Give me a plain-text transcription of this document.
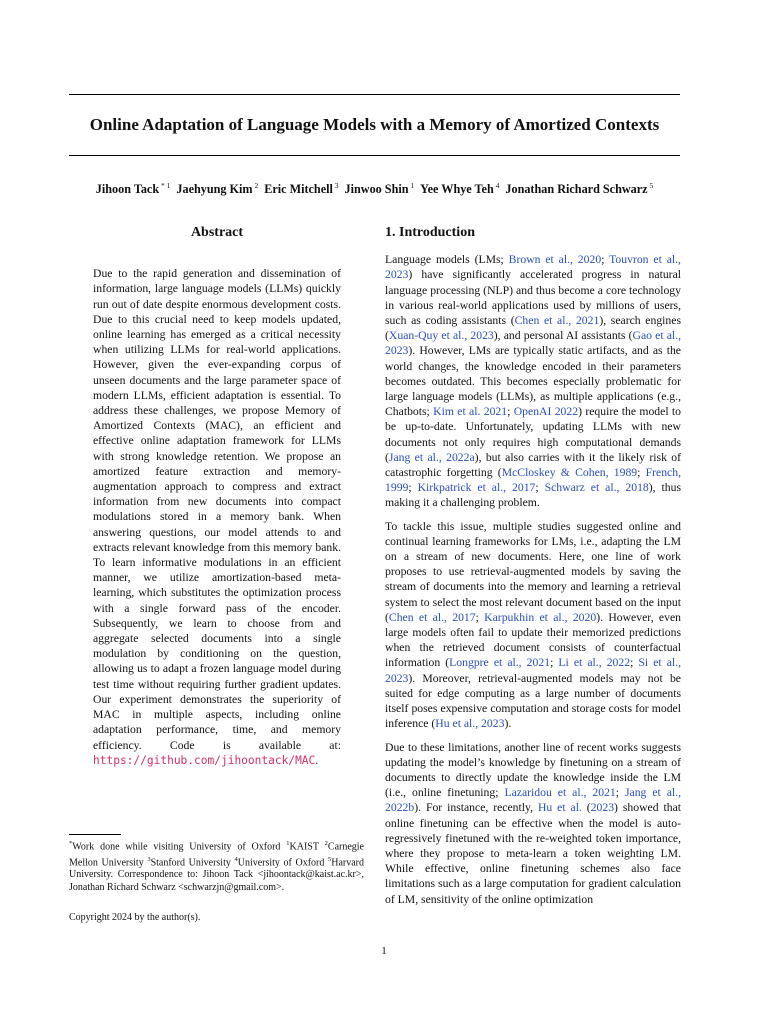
Online Adaptation of Language Models with a Memory of Amortized Contexts
Jihoon Tack $^{* 1}$ Jaehyung Kim $^2$ Eric Mitchell $^3$ Jinwoo Shin $^1$ Yee Whye Teh $^4$ Jonathan Richard Schwarz $^5$
Abstract
Due to the rapid generation and dissemination of information, large language models (LLMs) quickly run out of date despite enormous development costs. Due to this crucial need to keep models updated, online learning has emerged as a critical necessity when utilizing LLMs for real-world applications. However, given the ever-expanding corpus of unseen documents and the large parameter space of modern LLMs, efficient adaptation is essential. To address these challenges, we propose Memory of Amortized Contexts (MAC), an efficient and effective online adaptation framework for LLMs with strong knowledge retention. We propose an amortized feature extraction and memory-augmentation approach to compress and extract information from new documents into compact modulations stored in a memory bank. When answering questions, our model attends to and extracts relevant knowledge from this memory bank. To learn informative modulations in an efficient manner, we utilize amortization-based meta-learning, which substitutes the optimization process with a single forward pass of the encoder. Subsequently, we learn to choose from and aggregate selected documents into a single modulation by conditioning on the question, allowing us to adapt a frozen language model during test time without requiring further gradient updates. Our experiment demonstrates the superiority of MAC in multiple aspects, including online adaptation performance, time, and memory efficiency. Code is available at: https://github.com/jihoontack/MAC.
1. Introduction

Language models (LMs; Brown et al., 2020; Touvron et al., 2023) have significantly accelerated progress in natural language processing (NLP) and thus become a core technology in various real-world applications used by millions of users, such as coding assistants (Chen et al., 2021), search engines (Xuan-Quy et al., 2023), and personal AI assistants (Gao et al., 2023). However, LMs are typically static artifacts, and as the world changes, the knowledge encoded in their parameters becomes outdated. This becomes especially problematic for large language models (LLMs), as multiple applications (e.g., Chatbots; Kim et al. 2021; OpenAI 2022) require the model to be up-to-date. Unfortunately, updating LLMs with new documents not only requires high computational demands (Jang et al., 2022a), but also carries with it the likely risk of catastrophic forgetting (McCloskey & Cohen, 1989; French, 1999; Kirkpatrick et al., 2017; Schwarz et al., 2018), thus making it a challenging problem.

To tackle this issue, multiple studies suggested online and continual learning frameworks for LMs, i.e., adapting the LM on a stream of new documents. Here, one line of work proposes to use retrieval-augmented models by saving the stream of documents into the memory and learning a retrieval system to select the most relevant document based on the input (Chen et al., 2017; Karpukhin et al., 2020). However, even large models often fail to update their memorized predictions when the retrieved document consists of counterfactual information (Longpre et al., 2021; Li et al., 2022; Si et al., 2023). Moreover, retrieval-augmented models may not be suited for edge computing as a large number of documents itself poses expensive computation and storage costs for model inference (Hu et al., 2023).

Due to these limitations, another line of recent works suggests updating the model’s knowledge by finetuning on a stream of documents to directly update the knowledge inside the LM (i.e., online finetuning; Lazaridou et al., 2021; Jang et al., 2022b). For instance, recently, Hu et al. (2023) showed that online finetuning can be effective when the model is auto-regressively finetuned with the re-weighted token importance, where they propose to meta-learn a token weighting LM. While effective, online finetuning schemes also face limitations such as a large computation for gradient calculation of LM, sensitivity of the online optimization

*Work done while visiting University of Oxford $^1$KAIST $^2$Carnegie Mellon University $^3$Stanford University $^4$University of Oxford $^5$Harvard University. Correspondence to: Jihoon Tack <jihoontack@kaist.ac.kr>, Jonathan Richard Schwarz <schwarzjn@gmail.com>.
Copyright 2024 by the author(s).
1
